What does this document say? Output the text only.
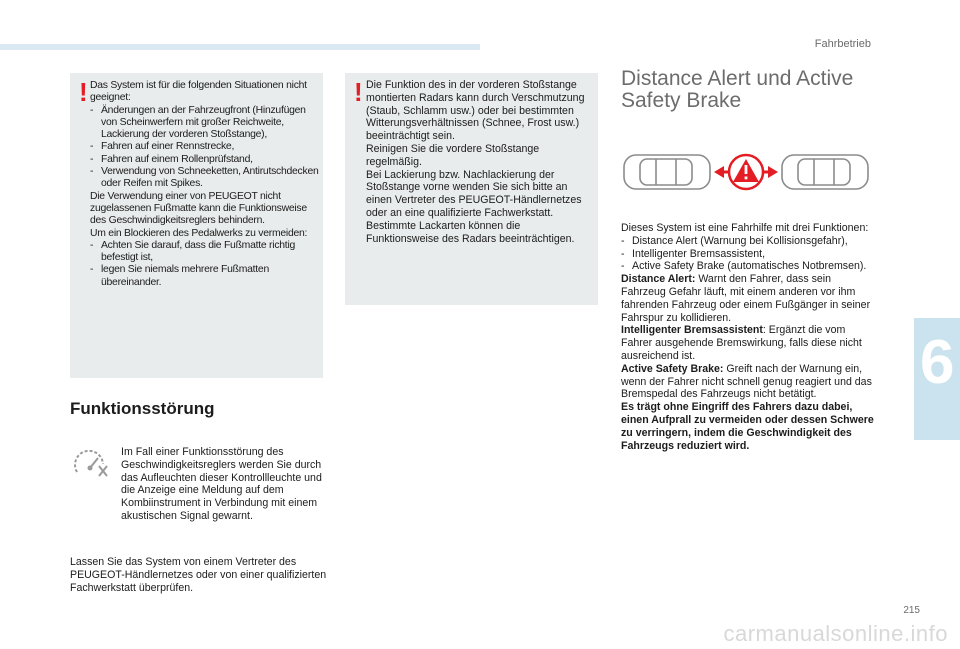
Fahrbetrieb
6
! Das System ist für die folgenden Situationen nicht geeignet:
- Änderungen an der Fahrzeugfront (Hinzufügen von Scheinwerfern mit großer Reichweite, Lackierung der vorderen Stoßstange),
- Fahren auf einer Rennstrecke,
- Fahren auf einem Rollenprüfstand,
- Verwendung von Schneeketten, Antirutschdecken oder Reifen mit Spikes.
Die Verwendung einer von PEUGEOT nicht zugelassenen Fußmatte kann die Funktionsweise des Geschwindigkeitsreglers behindern.
Um ein Blockieren des Pedalwerks zu vermeiden:
- Achten Sie darauf, dass die Fußmatte richtig befestigt ist,
- legen Sie niemals mehrere Fußmatten übereinander.
! Die Funktion des in der vorderen Stoßstange montierten Radars kann durch Verschmutzung (Staub, Schlamm usw.) oder bei bestimmten Witterungsverhältnissen (Schnee, Frost usw.) beeinträchtigt sein.
Reinigen Sie die vordere Stoßstange regelmäßig.
Bei Lackierung bzw. Nachlackierung der Stoßstange vorne wenden Sie sich bitte an einen Vertreter des PEUGEOT-Händlernetzes oder an eine qualifizierte Fachwerkstatt. Bestimmte Lackarten können die Funktionsweise des Radars beeinträchtigen.
Funktionsstörung
Im Fall einer Funktionsstörung des Geschwindigkeitsreglers werden Sie durch das Aufleuchten dieser Kontrollleuchte und die Anzeige eine Meldung auf dem Kombiinstrument in Verbindung mit einem akustischen Signal gewarnt.
Lassen Sie das System von einem Vertreter des PEUGEOT-Händlernetzes oder von einer qualifizierten Fachwerkstatt überprüfen.
Distance Alert und Active
Safety Brake
Dieses System ist eine Fahrhilfe mit drei Funktionen:
- Distance Alert (Warnung bei Kollisionsgefahr),
- Intelligenter Bremsassistent,
- Active Safety Brake (automatisches Notbremsen).
Distance Alert: Warnt den Fahrer, dass sein Fahrzeug Gefahr läuft, mit einem anderen vor ihm fahrenden Fahrzeug oder einem Fußgänger in seiner Fahrspur zu kollidieren.
Intelligenter Bremsassistent: Ergänzt die vom Fahrer ausgehende Bremswirkung, falls diese nicht ausreichend ist.
Active Safety Brake: Greift nach der Warnung ein, wenn der Fahrer nicht schnell genug reagiert und das Bremspedal des Fahrzeugs nicht betätigt.
Es trägt ohne Eingriff des Fahrers dazu dabei, einen Aufprall zu vermeiden oder dessen Schwere zu verringern, indem die Geschwindigkeit des Fahrzeugs reduziert wird.
215
carmanualsonline.info
